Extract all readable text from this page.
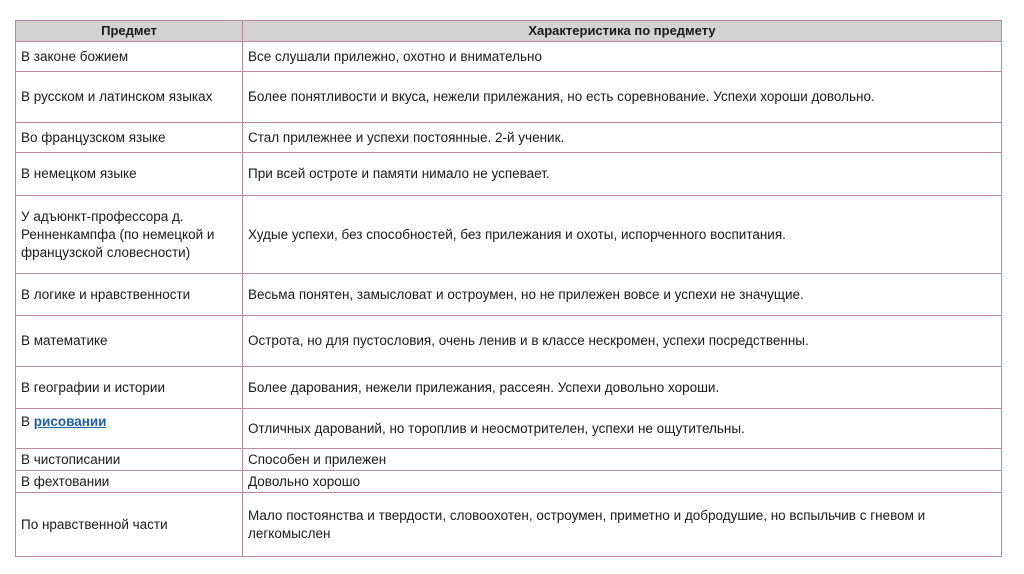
Предмет	Характеристика по предмету
В законе божием	Все слушали прилежно, охотно и внимательно
В русском и латинском языках	Более понятливости и вкуса, нежели прилежания, но есть соревнование. Успехи хороши довольно.
Во французском языке	Стал прилежнее и успехи постоянные. 2-й ученик.
В немецком языке	При всей остроте и памяти нимало не успевает.
У адъюнкт-профессора д. Ренненкампфа (по немецкой и французской словесности)	Худые успехи, без способностей, без прилежания и охоты, испорченного воспитания.
В логике и нравственности	Весьма понятен, замысловат и остроумен, но не прилежен вовсе и успехи не значущие.
В математике	Острота, но для пустословия, очень ленив и в классе нескромен, успехи посредственны.
В географии и истории	Более дарования, нежели прилежания, рассеян. Успехи довольно хороши.
В рисовании	Отличных дарований, но тороплив и неосмотрителен, успехи не ощутительны.
В чистописании	Способен и прилежен
В фехтовании	Довольно хорошо
По нравственной части	Мало постоянства и твердости, словоохотен, остроумен, приметно и добродушие, но вспыльчив с гневом и легкомыслен
